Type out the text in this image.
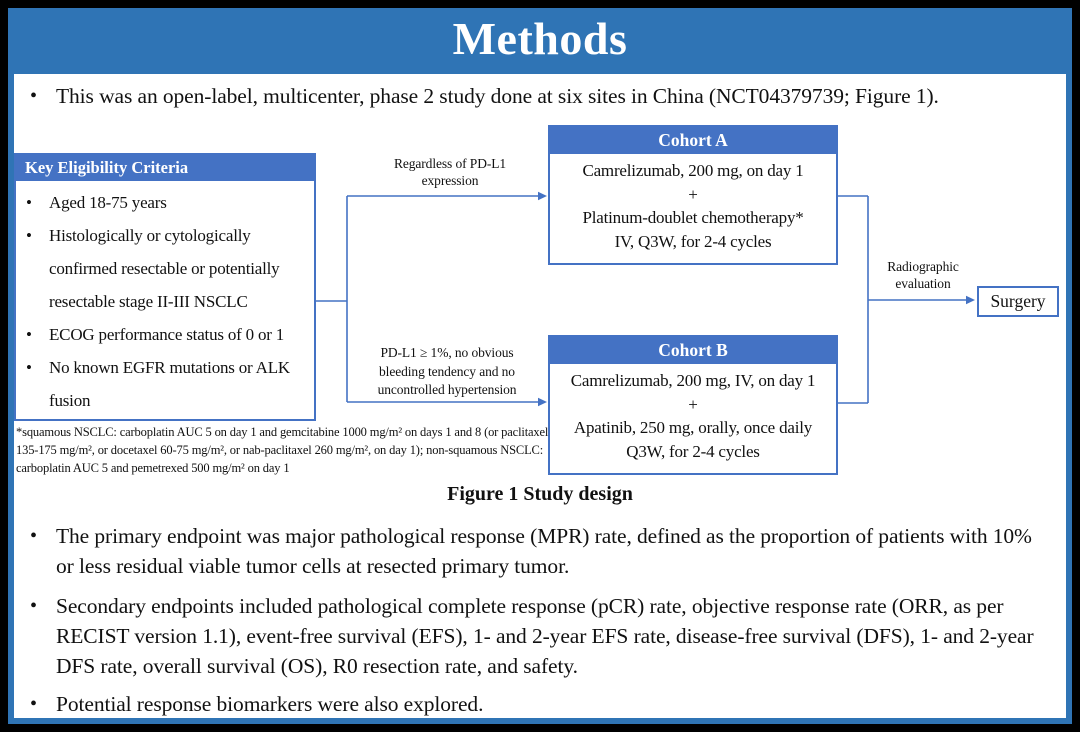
Methods
• This was an open-label, multicenter, phase 2 study done at six sites in China (NCT04379739; Figure 1).
Key Eligibility Criteria
•	Aged 18-75 years
•	Histologically or cytologically confirmed resectable or potentially resectable stage II-III NSCLC
•	ECOG performance status of 0 or 1
•	No known EGFR mutations or ALK fusion
Regardless of PD-L1 expression
PD-L1 ≥ 1%, no obvious bleeding tendency and no uncontrolled hypertension
Cohort A
Camrelizumab, 200 mg, on day 1
+
Platinum-doublet chemotherapy*
IV, Q3W, for 2-4 cycles
Cohort B
Camrelizumab, 200 mg, IV, on day 1
+
Apatinib, 250 mg, orally, once daily
Q3W, for 2-4 cycles
Radiographic evaluation
Surgery
*squamous NSCLC: carboplatin AUC 5 on day 1 and gemcitabine 1000 mg/m² on days 1 and 8 (or paclitaxel 135-175 mg/m², or docetaxel 60-75 mg/m², or nab-paclitaxel 260 mg/m², on day 1); non-squamous NSCLC: carboplatin AUC 5 and pemetrexed 500 mg/m² on day 1
Figure 1 Study design
• The primary endpoint was major pathological response (MPR) rate, defined as the proportion of patients with 10% or less residual viable tumor cells at resected primary tumor.
• Secondary endpoints included pathological complete response (pCR) rate, objective response rate (ORR, as per RECIST version 1.1), event-free survival (EFS), 1- and 2-year EFS rate, disease-free survival (DFS), 1- and 2-year DFS rate, overall survival (OS), R0 resection rate, and safety.
• Potential response biomarkers were also explored.
